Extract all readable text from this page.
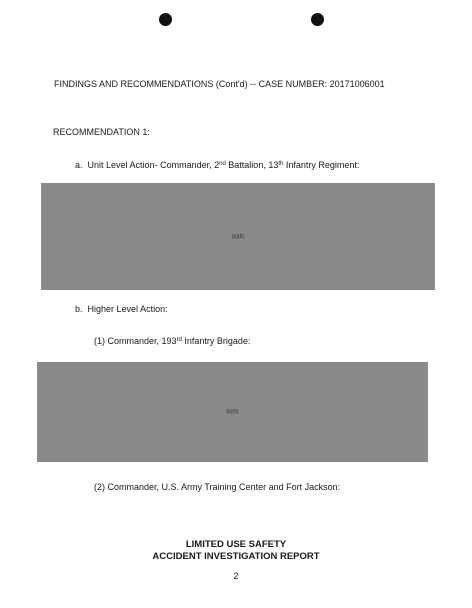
FINDINGS AND RECOMMENDATIONS (Cont'd) -- CASE NUMBER: 20171006001
RECOMMENDATION 1:
a. Unit Level Action- Commander, 2nd Battalion, 13th Infantry Regiment:
(b)(5)
b. Higher Level Action:
(1) Commander, 193rd Infantry Brigade:
(b)(5)
(2) Commander, U.S. Army Training Center and Fort Jackson:
LIMITED USE SAFETY
ACCIDENT INVESTIGATION REPORT
2
